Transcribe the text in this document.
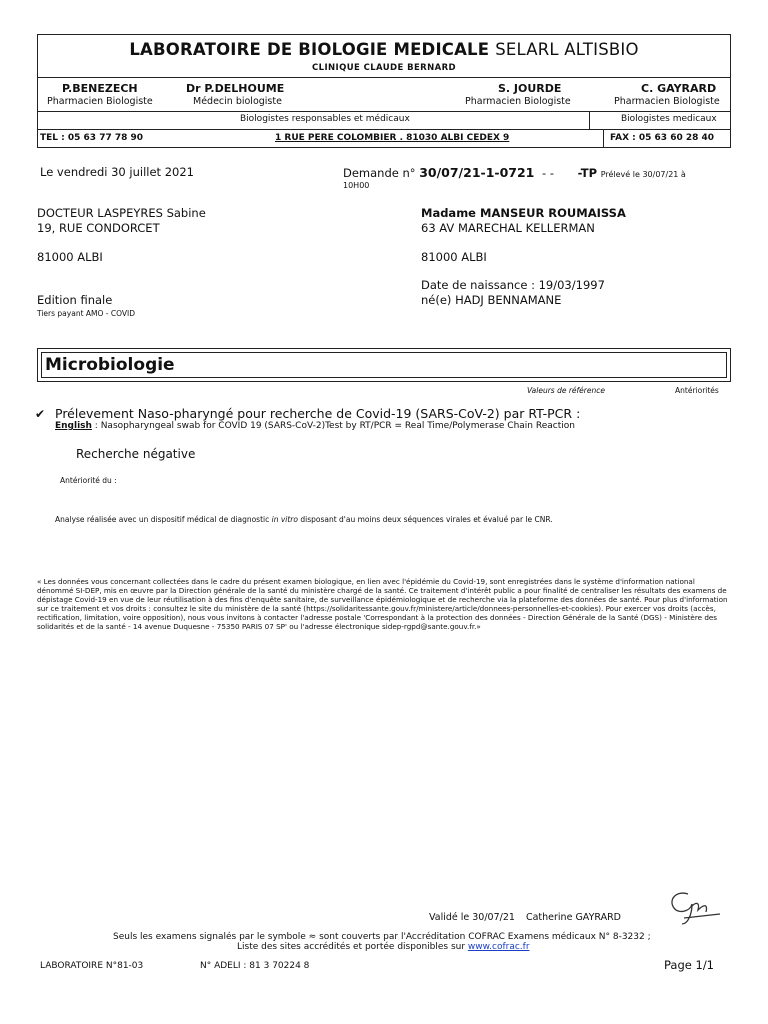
LABORATOIRE DE BIOLOGIE MEDICALE SELARL ALTISBIO
CLINIQUE CLAUDE BERNARD
P.BENEZECH
Pharmacien Biologiste
Dr P.DELHOUME
Médecin biologiste
S. JOURDE
Pharmacien Biologiste
C. GAYRARD
Pharmacien Biologiste
Biologistes responsables et médicaux	Biologistes medicaux
TEL : 05 63 77 78 90	1 RUE PERE COLOMBIER . 81030 ALBI CEDEX 9	FAX : 05 63 60 28 40
Le vendredi 30 juillet 2021	Demande n° 30/07/21-1-0721 - - -TP Prélevé le 30/07/21 à
10H00
DOCTEUR LASPEYRES Sabine
19, RUE CONDORCET
81000 ALBI
Edition finale
Tiers payant AMO - COVID
Madame MANSEUR ROUMAISSA
63 AV MARECHAL KELLERMAN
81000 ALBI
Date de naissance : 19/03/1997
né(e) HADJ BENNAMANE
Microbiologie
Valeurs de référence	Antériorités
✔ Prélevement Naso-pharyngé pour recherche de Covid-19 (SARS-CoV-2) par RT-PCR :
English : Nasopharyngeal swab for COVID 19 (SARS-CoV-2)Test by RT/PCR = Real Time/Polymerase Chain Reaction
Recherche négative
Antériorité du :
Analyse réalisée avec un dispositif médical de diagnostic in vitro disposant d'au moins deux séquences virales et évalué par le CNR.
« Les données vous concernant collectées dans le cadre du présent examen biologique, en lien avec l'épidémie du Covid-19, sont enregistrées dans le système d'information national dénommé SI-DEP, mis en œuvre par la Direction générale de la santé du ministère chargé de la santé. Ce traitement d'intérêt public a pour finalité de centraliser les résultats des examens de dépistage Covid-19 en vue de leur réutilisation à des fins d'enquête sanitaire, de surveillance épidémiologique et de recherche via la plateforme des données de santé. Pour plus d'information sur ce traitement et vos droits : consultez le site du ministère de la santé (https://solidaritessante.gouv.fr/ministere/article/donnees-personnelles-et-cookies). Pour exercer vos droits (accès, rectification, limitation, voire opposition), nous vous invitons à contacter l'adresse postale 'Correspondant à la protection des données - Direction Générale de la Santé (DGS) - Ministère des solidarités et de la santé - 14 avenue Duquesne - 75350 PARIS 07 SP' ou l'adresse électronique sidep-rgpd@sante.gouv.fr.»
Validé le 30/07/21 Catherine GAYRARD
Seuls les examens signalés par le symbole ≈ sont couverts par l'Accréditation COFRAC Examens médicaux N° 8-3232 ;
Liste des sites accrédités et portée disponibles sur www.cofrac.fr
LABORATOIRE N°81-03	N° ADELI : 81 3 70224 8	Page 1/1
